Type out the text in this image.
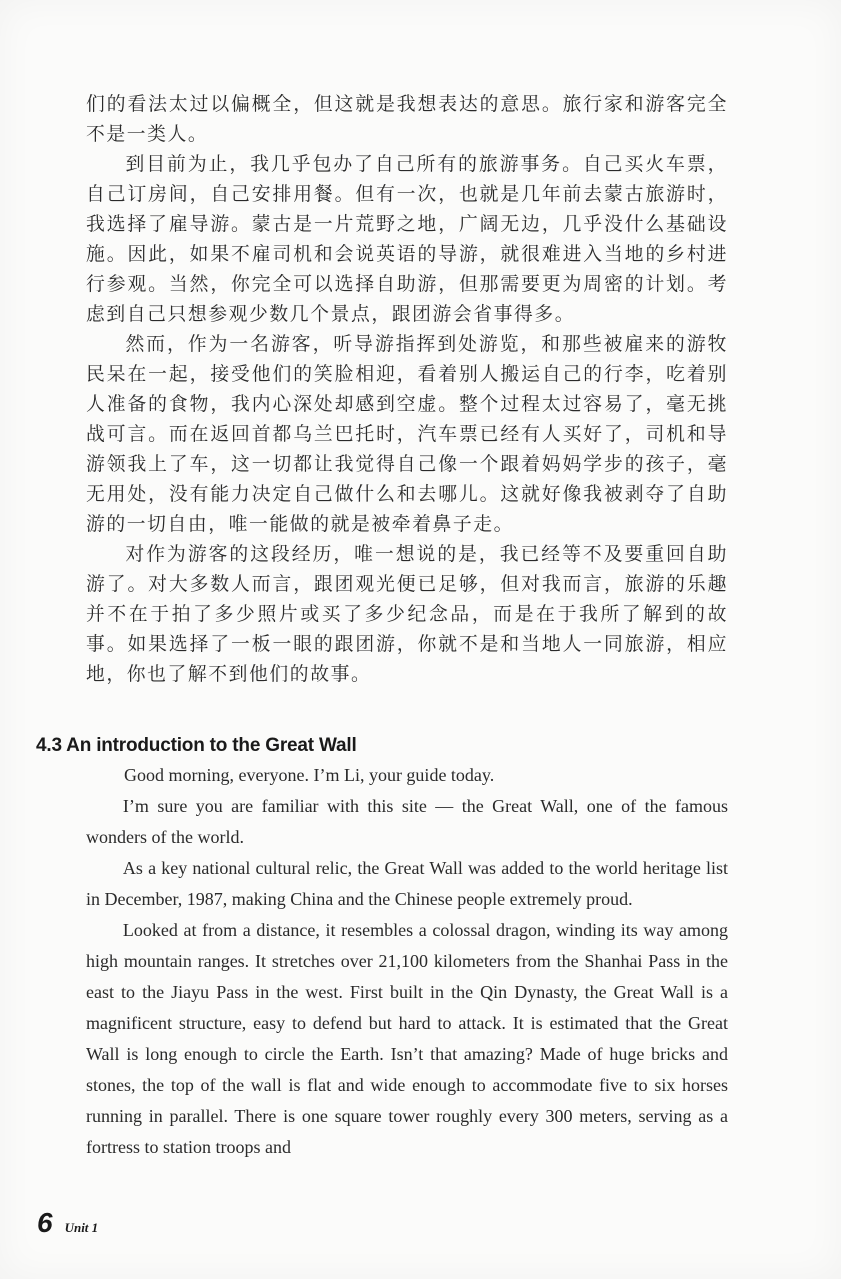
们的看法太过以偏概全，但这就是我想表达的意思。旅行家和游客完全不是一类人。

到目前为止，我几乎包办了自己所有的旅游事务。自己买火车票，自己订房间，自己安排用餐。但有一次，也就是几年前去蒙古旅游时，我选择了雇导游。蒙古是一片荒野之地，广阔无边，几乎没什么基础设施。因此，如果不雇司机和会说英语的导游，就很难进入当地的乡村进行参观。当然，你完全可以选择自助游，但那需要更为周密的计划。考虑到自己只想参观少数几个景点，跟团游会省事得多。

然而，作为一名游客，听导游指挥到处游览，和那些被雇来的游牧民呆在一起，接受他们的笑脸相迎，看着别人搬运自己的行李，吃着别人准备的食物，我内心深处却感到空虚。整个过程太过容易了，毫无挑战可言。而在返回首都乌兰巴托时，汽车票已经有人买好了，司机和导游领我上了车，这一切都让我觉得自己像一个跟着妈妈学步的孩子，毫无用处，没有能力决定自己做什么和去哪儿。这就好像我被剥夺了自助游的一切自由，唯一能做的就是被牵着鼻子走。

对作为游客的这段经历，唯一想说的是，我已经等不及要重回自助游了。对大多数人而言，跟团观光便已足够，但对我而言，旅游的乐趣并不在于拍了多少照片或买了多少纪念品，而是在于我所了解到的故事。如果选择了一板一眼的跟团游，你就不是和当地人一同旅游，相应地，你也了解不到他们的故事。

4.3 An introduction to the Great Wall

Good morning, everyone. I’m Li, your guide today.

I’m sure you are familiar with this site — the Great Wall, one of the famous wonders of the world.

As a key national cultural relic, the Great Wall was added to the world heritage list in December, 1987, making China and the Chinese people extremely proud.

Looked at from a distance, it resembles a colossal dragon, winding its way among high mountain ranges. It stretches over 21,100 kilometers from the Shanhai Pass in the east to the Jiayu Pass in the west. First built in the Qin Dynasty, the Great Wall is a magnificent structure, easy to defend but hard to attack. It is estimated that the Great Wall is long enough to circle the Earth. Isn’t that amazing? Made of huge bricks and stones, the top of the wall is flat and wide enough to accommodate five to six horses running in parallel. There is one square tower roughly every 300 meters, serving as a fortress to station troops and

6 Unit 1
